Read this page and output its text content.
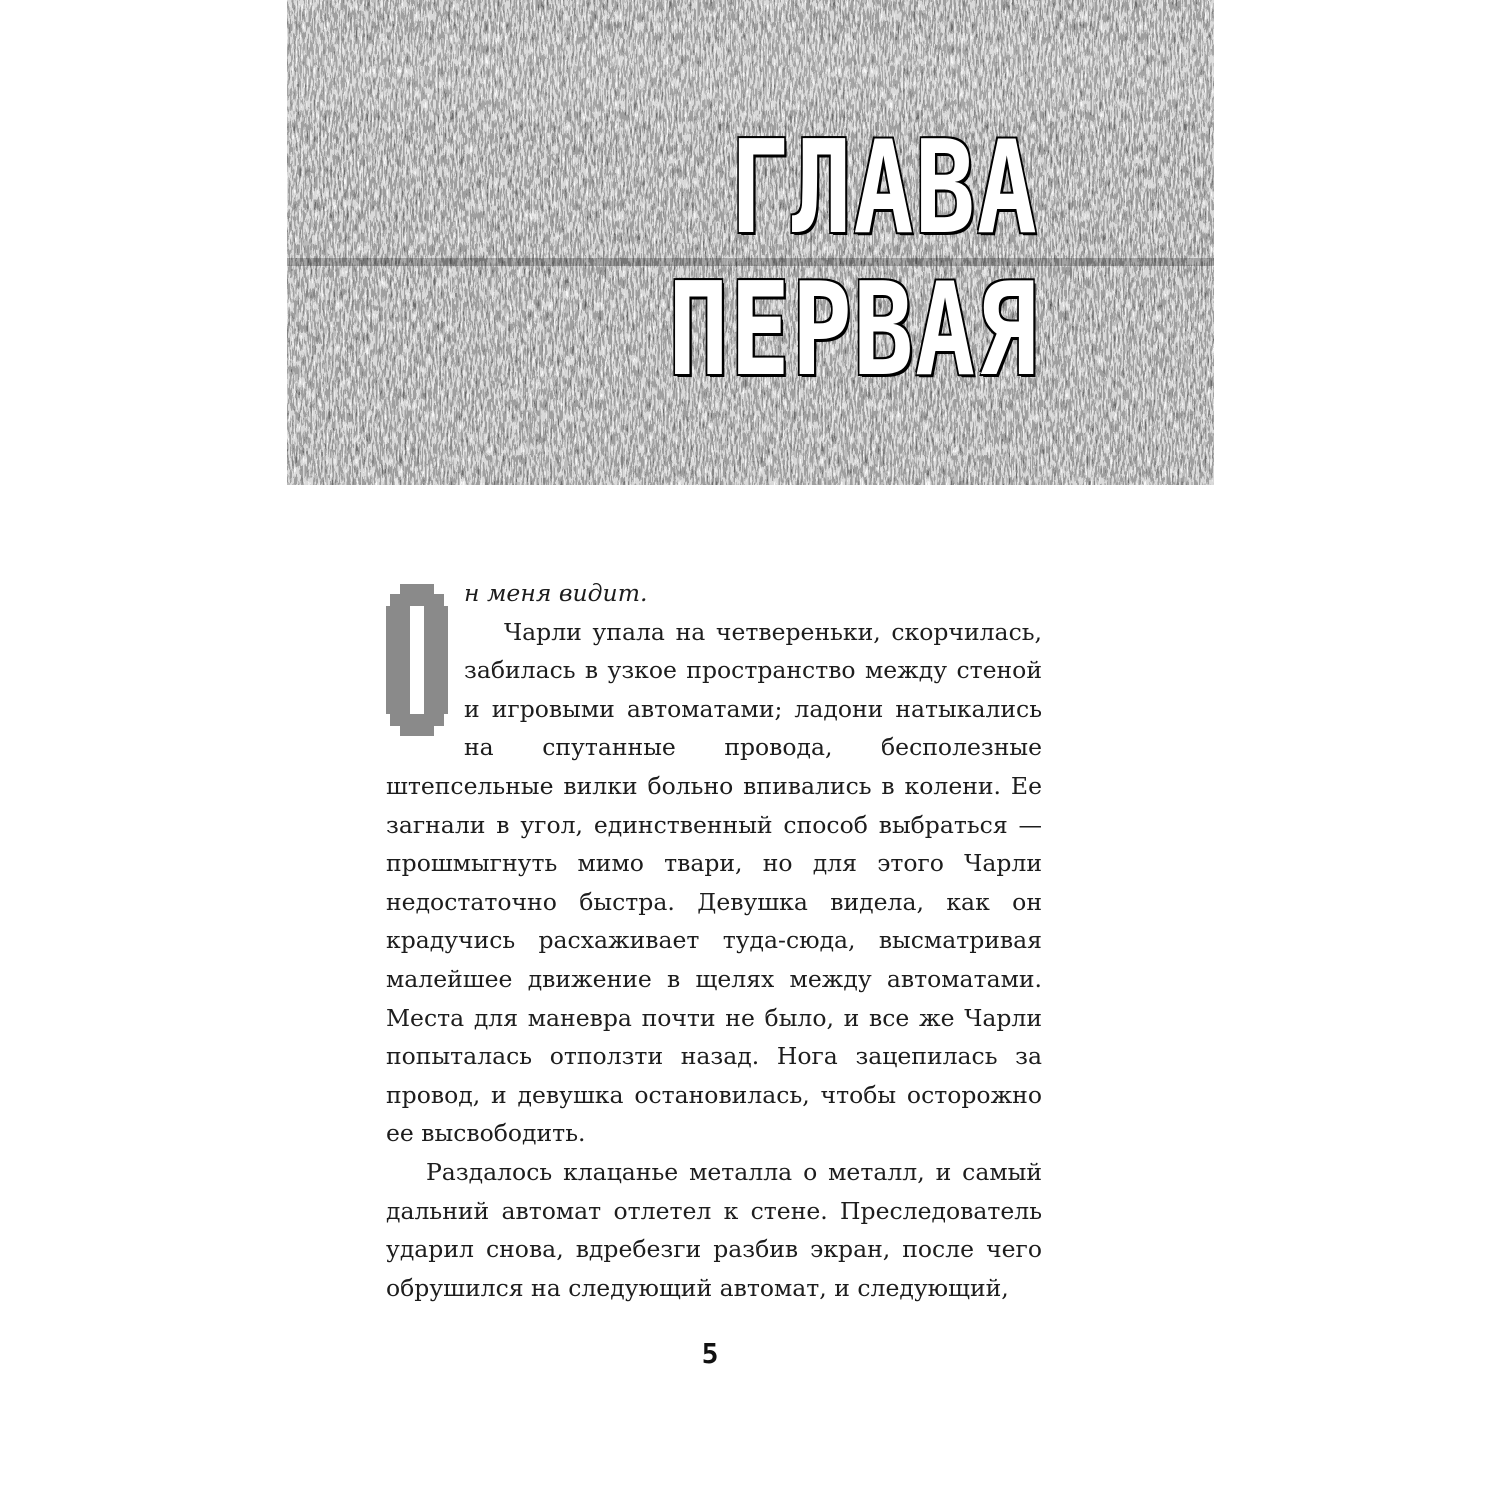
ГЛАВА
ПЕРВАЯ

н меня видит.

Чарли упала на четвереньки, скорчилась, забилась в узкое пространство между стеной и игровыми автоматами; ладони натыкались на спутанные провода, бесполезные штепсельные вилки больно впивались в колени. Ее загнали в угол, единственный способ выбраться — прошмыгнуть мимо твари, но для этого Чарли недостаточно быстра. Девушка видела, как он крадучись расхаживает туда-сюда, высматривая малейшее движение в щелях между автоматами. Места для маневра почти не было, и все же Чарли попыталась отползти назад. Нога зацепилась за провод, и девушка остановилась, чтобы осторожно ее высвободить.

Раздалось клацанье металла о металл, и самый дальний автомат отлетел к стене. Преследователь ударил снова, вдребезги разбив экран, после чего обрушился на следующий автомат, и следующий,

5
